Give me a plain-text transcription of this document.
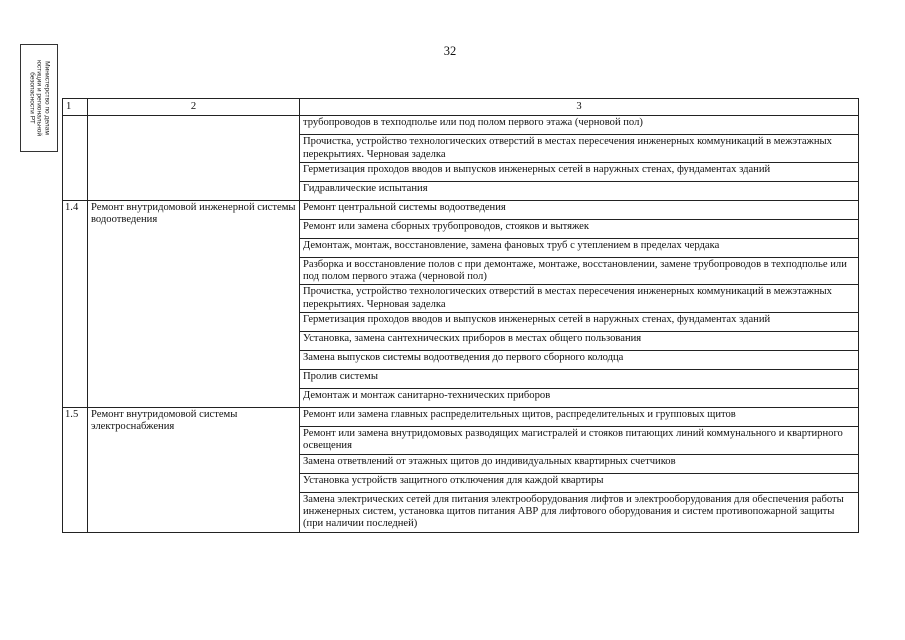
32
Министерство по делам
юстиции и региональной
безопасности РТ	1	2	3
		трубопроводов в техподполье или под полом первого этажа (черновой пол)
		Прочистка, устройство технологических отверстий в местах пересечения инженерных коммуникаций в межэтажных перекрытиях. Черновая заделка
		Герметизация проходов вводов и выпусков инженерных сетей в наружных стенах, фундаментах зданий
		Гидравлические испытания
1.4	Ремонт внутридомовой инженерной системы водоотведения	Ремонт центральной системы водоотведения
		Ремонт или замена сборных трубопроводов, стояков и вытяжек
		Демонтаж, монтаж, восстановление, замена фановых труб с утеплением в пределах чердака
		Разборка и восстановление полов с при демонтаже, монтаже, восстановлении, замене трубопроводов в техподполье или под полом первого этажа (черновой пол)
		Прочистка, устройство технологических отверстий в местах пересечения инженерных коммуникаций в межэтажных перекрытиях. Черновая заделка
		Герметизация проходов вводов и выпусков инженерных сетей в наружных стенах, фундаментах зданий
		Установка, замена сантехнических приборов в местах общего пользования
		Замена выпусков системы водоотведения до первого сборного колодца
		Пролив системы
		Демонтаж и монтаж санитарно-технических приборов
1.5	Ремонт внутридомовой системы электроснабжения	Ремонт или замена главных распределительных щитов, распределительных и групповых щитов
		Ремонт или замена внутридомовых разводящих магистралей и стояков питающих линий коммунального и квартирного освещения
		Замена ответвлений от этажных щитов до индивидуальных квартирных счетчиков
		Установка устройств защитного отключения для каждой квартиры
		Замена электрических сетей для питания электрооборудования лифтов и электрооборудования для обеспечения работы инженерных систем, установка щитов питания АВР для лифтового оборудования и систем противопожарной защиты (при наличии последней)
